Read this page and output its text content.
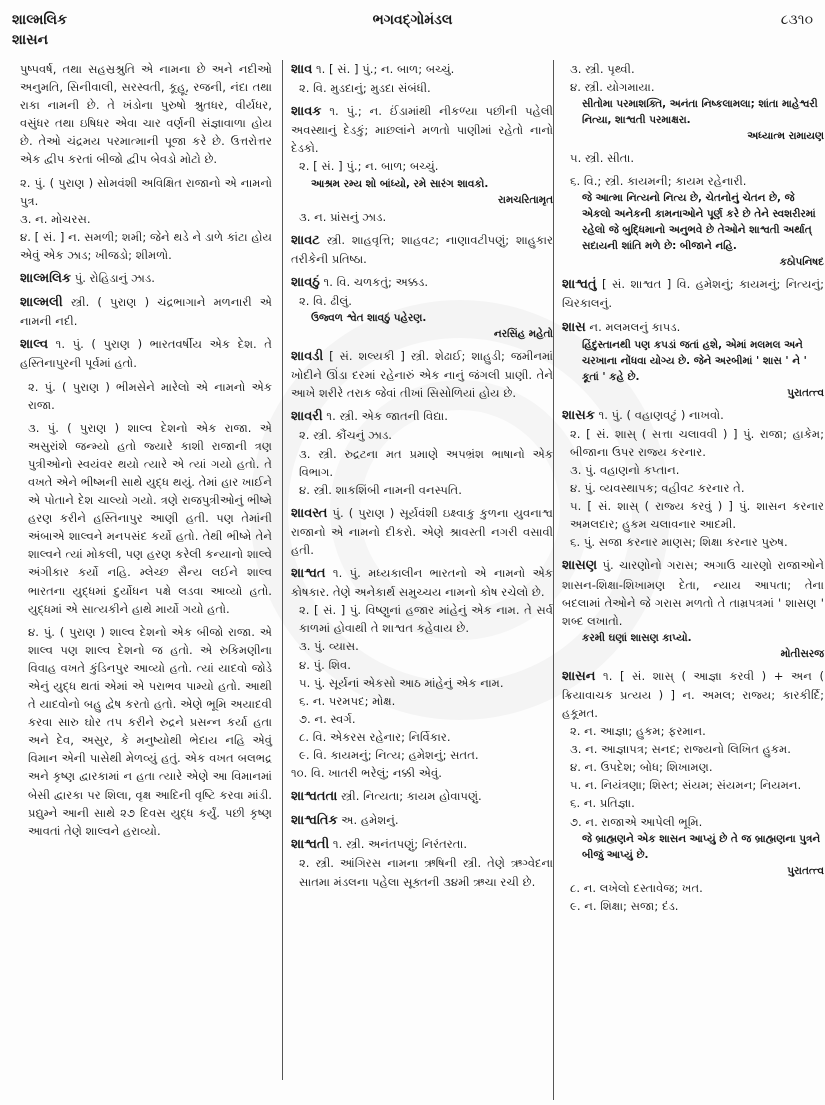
શાલ્મલિક
શાસન
ભગવદ્ગોમંડલ	૮૩૧૦
પુષ્પવર્ષ, તથા સહસ્રશ્રુતિ એ નામના છે અને નદીઓ અનુમતિ, સિનીવાલી, સરસ્વતી, કૂહૂ, રજની, નંદા તથા રાકા નામની છે. તે ખંડોના પુરુષો શ્રુતધર, વીર્યધર, વસુંધર તથા ઇષિધર એવા ચાર વર્ણની સંજ્ઞાવાળા હોય છે. તેઓ ચંદ્રમય પરમાત્માની પૂજા કરે છે. ઉત્તરોત્તર એક દ્વીપ કરતાં બીજો દ્વીપ બેવડો મોટો છે.
૨. પું. ( પુરાણ ) સોમવંશી અવિક્ષિત રાજાનો એ નામનો પુત્ર.
૩. ન. મોચરસ.
૪. [ સં. ] ન. સમળી; શમી; જેને થડે ને ડાળે કાંટા હોય એવું એક ઝાડ; ખીજડો; શીમળો.
શાલ્મલિક પું. રોહિડાનું ઝાડ.
શાલ્મલી સ્ત્રી. ( પુરાણ ) ચંદ્રભાગાને મળનારી એ નામની નદી.
શાલ્વ ૧. પું. ( પુરાણ ) ભારતવર્ષીય એક દેશ. તે હસ્તિનાપુરની પૂર્વમાં હતો.
૨. પું. ( પુરાણ ) ભીમસેને મારેલો એ નામનો એક રાજા.
૩. પું. ( પુરાણ ) શાલ્વ દેશનો એક રાજા. એ અસુરાંશે જન્મ્યો હતો જ્યારે કાશી રાજાની ત્રણ પુત્રીઓનો સ્વયંવર થયો ત્યારે એ ત્યાં ગયો હતો. તે વખતે એને ભીષ્મની સાથે યુદ્ધ થયું. તેમાં હાર ખાઈને એ પોતાને દેશ ચાલ્યો ગયો. ત્રણે રાજપુત્રીઓનું ભીષ્મે હરણ કરીને હસ્તિનાપુર આણી હતી. પણ તેમાંની અંબાએ શાલ્વને મનપસંદ કર્યો હતો. તેથી ભીષ્મે તેને શાલ્વને ત્યાં મોકલી, પણ હરણ કરેલી કન્યાનો શાલ્વે અંગીકાર કર્યો નહિ. મ્લેચ્છ સૈન્ય લઈને શાલ્વ ભારતના યુદ્ધમાં દુર્યોધન પક્ષે લડવા આવ્યો હતો. યુદ્ધમાં એ સાત્યકીને હાથે માર્યો ગયો હતો.
૪. પું. ( પુરાણ ) શાલ્વ દેશનો એક બીજો રાજા. એ શાલ્વ પણ શાલ્વ દેશનો જ હતો. એ રુકિમણીના વિવાહ વખતે કુંડિનપુર આવ્યો હતો. ત્યાં યાદવો જોડે એનું યુદ્ધ થતાં એમાં એ પરાભવ પામ્યો હતો. આથી તે યાદવોનો બહુ દ્વેષ કરતો હતો. એણે ભૂમિ અયાદવી કરવા સારુ ઘોર તપ કરીને રુદ્રને પ્રસન્ન કર્યા હતા અને દેવ, અસુર, કે મનુષ્યોથી ભેદાય નહિ એવું વિમાન એની પાસેથી મેળવ્યું હતું. એક વખત બલભદ્ર અને કૃષ્ણ દ્વારકામાં ન હતા ત્યારે એણે આ વિમાનમાં બેસી દ્વારકા પર શિલા, વૃક્ષ આદિની વૃષ્ટિ કરવા માંડી. પ્રદ્યુમ્ને આની સાથે ૨૭ દિવસ યુદ્ધ કર્યું. પછી કૃષ્ણ આવતાં તેણે શાલ્વને હરાવ્યો.
શાવ ૧. [ સં. ] પું.; ન. બાળ; બચ્ચું.
૨. વિ. મુડદાનું; મુડદા સંબંધી.
શાવક ૧. પું.; ન. ઈંડામાંથી નીકળ્યા પછીની પહેલી અવસ્થાનું દેડકું; માછલાંને મળતો પાણીમાં રહેતો નાનો દેડકો.
૨. [ સં. ] પું.; ન. બાળ; બચ્ચું.
આશ્રમ રમ્ય શો બાંધ્યો, રમે સારંગ શાવકો.
રામચરિતામૃત
૩. ન. પ્રાંસનું ઝાડ.
શાવટ સ્ત્રી. શાહવૃત્તિ; શાહવટ; નાણાવટીપણું; શાહુકાર તરીકેની પ્રતિષ્ઠા.
શાવઠું ૧. વિ. ચળકતું; અક્કડ.
૨. વિ. ઢીલું.
ઉજ્વળ શ્વેત શાવઠું પહેરણ.
નરસિંહ મહેતો
શાવડી [ સં. શલ્યકી ] સ્ત્રી. શેઢાઈ; શાહુડી; જમીનમાં ખોદીને ઊંડા દરમાં રહેનારું એક નાનું જંગલી પ્રાણી. તેને આખે શરીરે તરાક જેવાં તીખાં સિસોળિયાં હોય છે.
શાવરી ૧. સ્ત્રી. એક જાતની વિદ્યા.
૨. સ્ત્રી. કૌંચનું ઝાડ.
૩. સ્ત્રી. રુદ્રટના મત પ્રમાણે અપભ્રંશ ભાષાનો એક વિભાગ.
૪. સ્ત્રી. શાકશિંબી નામની વનસ્પતિ.
શાવસ્ત પું. ( પુરાણ ) સૂર્યવંશી ઇક્ષ્વાકુ કુળના યુવનાશ્વ રાજાનો એ નામનો દીકરો. એણે શ્રાવસ્તી નગરી વસાવી હતી.
શાશ્વત ૧. પું. મધ્યકાલીન ભારતનો એ નામનો એક કોષકાર. તેણે અનેકાર્થ સમુચ્ચય નામનો કોષ રચેલો છે.
૨. [ સં. ] પું. વિષ્ણુનાં હજાર માંહેનું એક નામ. તે સર્વ કાળમાં હોવાથી તે શાશ્વત કહેવાય છે.
૩. પું. વ્યાસ.
૪. પું. શિવ.
૫. પું. સૂર્યનાં એકસો આઠ માંહેનું એક નામ.
૬. ન. પરમપદ; મોક્ષ.
૭. ન. સ્વર્ગ.
૮. વિ. એકરસ રહેનાર; નિર્વિકાર.
૯. વિ. કાયમનું; નિત્ય; હમેશનું; સતત.
૧૦. વિ. ખાતરી ભરેલું; નક્કી એવું.
શાશ્વતતા સ્ત્રી. નિત્યતા; કાયમ હોવાપણું.
શાશ્વતિક અ. હમેશનું.
શાશ્વતી ૧. સ્ત્રી. અનંતપણું; નિરંતરતા.
૨. સ્ત્રી. આંગિરસ નામના ઋષિની સ્ત્રી. તેણે ઋગ્વેદના સાતમા મંડલના પહેલા સૂક્તની ૩૪મી ઋચા રચી છે.
૩. સ્ત્રી. પૃથ્વી.
૪. સ્ત્રી. યોગમાયા.
સીતોમા પરમાશક્તિ, અનંતા નિષ્કલામલા; શાંતા માહેશ્વરી નિત્યા, શાશ્વતી પરમાક્ષરા.
અધ્યાત્મ રામાયણ
૫. સ્ત્રી. સીતા.
૬. વિ.; સ્ત્રી. કાયમની; કાયમ રહેનારી.
જે આત્મા નિત્યનો નિત્ય છે, ચેતનોનું ચેતન છે, જે એકલો અનેકની કામનાઓને પૂર્ણ કરે છે તેને સ્વશરીરમાં રહેલો જે બુદ્ધિમાનો અનુભવે છે તેઓને શાશ્વતી અર્થાત્ સદાયની શાંતિ મળે છે: બીજાને નહિ.
કઠોપનિષદ
શાશ્વતું [ સં. શાશ્વત ] વિ. હમેશનું; કાયમનું; નિત્યનું; ચિરકાલનું.
શાસ ન. મલમલનું કાપડ.
હિંદુસ્તાનથી પણ કપડાં જતાં હશે, એમાં મલમલ અને ચરખાના નોંધવા યોગ્ય છે. જેને અરબીમાં ' શાસ ' ને ' કૂતાં ' કહે છે.
પુરાતત્ત્વ
શાસક ૧. પું. ( વહાણવટું ) નાખવો.
૨. [ સં. શાસ્ ( સત્તા ચલાવવી ) ] પું. રાજા; હાકેમ; બીજાના ઉપર રાજ્ય કરનાર.
૩. પું. વહાણનો કપ્તાન.
૪. પું. વ્યવસ્થાપક; વહીવટ કરનાર તે.
૫. [ સં. શાસ્ ( રાજ્ય કરવું ) ] પું. શાસન કરનાર અમલદાર; હુકમ ચલાવનાર આદમી.
૬. પું. સજા કરનાર માણસ; શિક્ષા કરનાર પુરુષ.
શાસણ પું. ચારણોનો ગરાસ; અગાઉ ચારણો રાજાઓને શાસન-શિક્ષા-શિખામણ દેતા, ન્યાય આપતા; તેના બદલામાં તેઓને જે ગરાસ મળતો તે તામ્રપત્રમાં ' શાસણ ' શબ્દ લખાતો.
કરમી ઘણાં શાસણ કાપ્યો.
મોતીસરજ
શાસન ૧. [ સં. શાસ્ ( આજ્ઞા કરવી ) + અન ( ક્રિયાવાચક પ્રત્યય ) ] ન. અમલ; રાજ્ય; કારકીર્દિ; હકૂમત.
૨. ન. આજ્ઞા; હુકમ; ફરમાન.
૩. ન. આજ્ઞાપત્ર; સનદ; રાજ્યનો લિખિત હુકમ.
૪. ન. ઉપદેશ; બોધ; શિખામણ.
૫. ન. નિયંત્રણા; શિસ્ત; સંયમ; સંયમન; નિયમન.
૬. ન. પ્રતિજ્ઞા.
૭. ન. રાજાએ આપેલી ભૂમિ.
જે બ્રાહ્મણને એક શાસન આપ્યું છે તે જ બ્રાહ્મણના પુત્રને બીજું આપ્યું છે.
પુરાતત્ત્વ
૮. ન. લખેલો દસ્તાવેજ; ખત.
૯. ન. શિક્ષા; સજા; દંડ.
